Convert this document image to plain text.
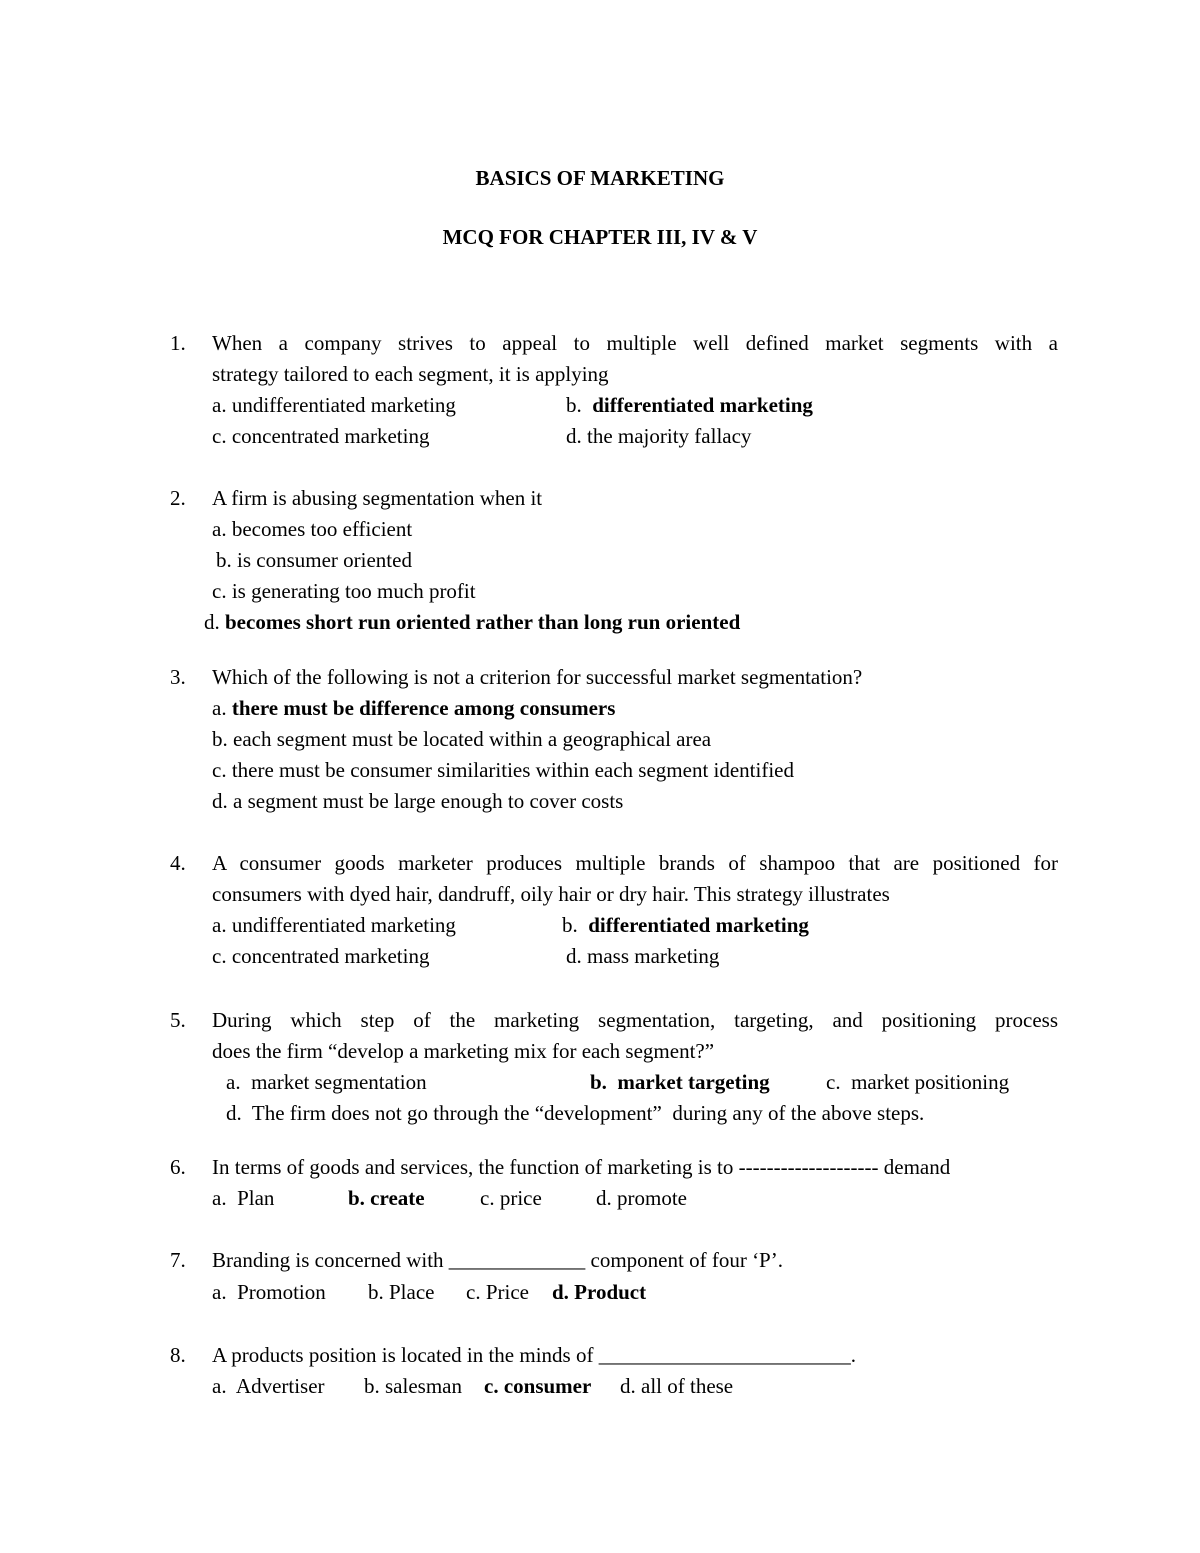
BASICS OF MARKETING
MCQ FOR CHAPTER III, IV & V
1. When a company strives to appeal to multiple well defined market segments with a
strategy tailored to each segment, it is applying
a. undifferentiated marketing	b. differentiated marketing
c. concentrated marketing	d. the majority fallacy
2. A firm is abusing segmentation when it
a. becomes too efficient
b. is consumer oriented
c. is generating too much profit
d. becomes short run oriented rather than long run oriented
3. Which of the following is not a criterion for successful market segmentation?
a. there must be difference among consumers
b. each segment must be located within a geographical area
c. there must be consumer similarities within each segment identified
d. a segment must be large enough to cover costs
4. A consumer goods marketer produces multiple brands of shampoo that are positioned for
consumers with dyed hair, dandruff, oily hair or dry hair. This strategy illustrates
a. undifferentiated marketing	b. differentiated marketing
c. concentrated marketing	d. mass marketing
5. During which step of the marketing segmentation, targeting, and positioning process
does the firm “develop a marketing mix for each segment?”
a.  market segmentation	b.  market targeting	c.  market positioning
d.  The firm does not go through the “development”  during any of the above steps.
6. In terms of goods and services, the function of marketing is to -------------------- demand
a.  Plan	b. create	c. price	d. promote
7. Branding is concerned with _____________ component of four ‘P’.
a.  Promotion b. Place c. Price d. Product
8. A products position is located in the minds of ________________________.
a.  Advertiser b. salesman c. consumer d. all of these
